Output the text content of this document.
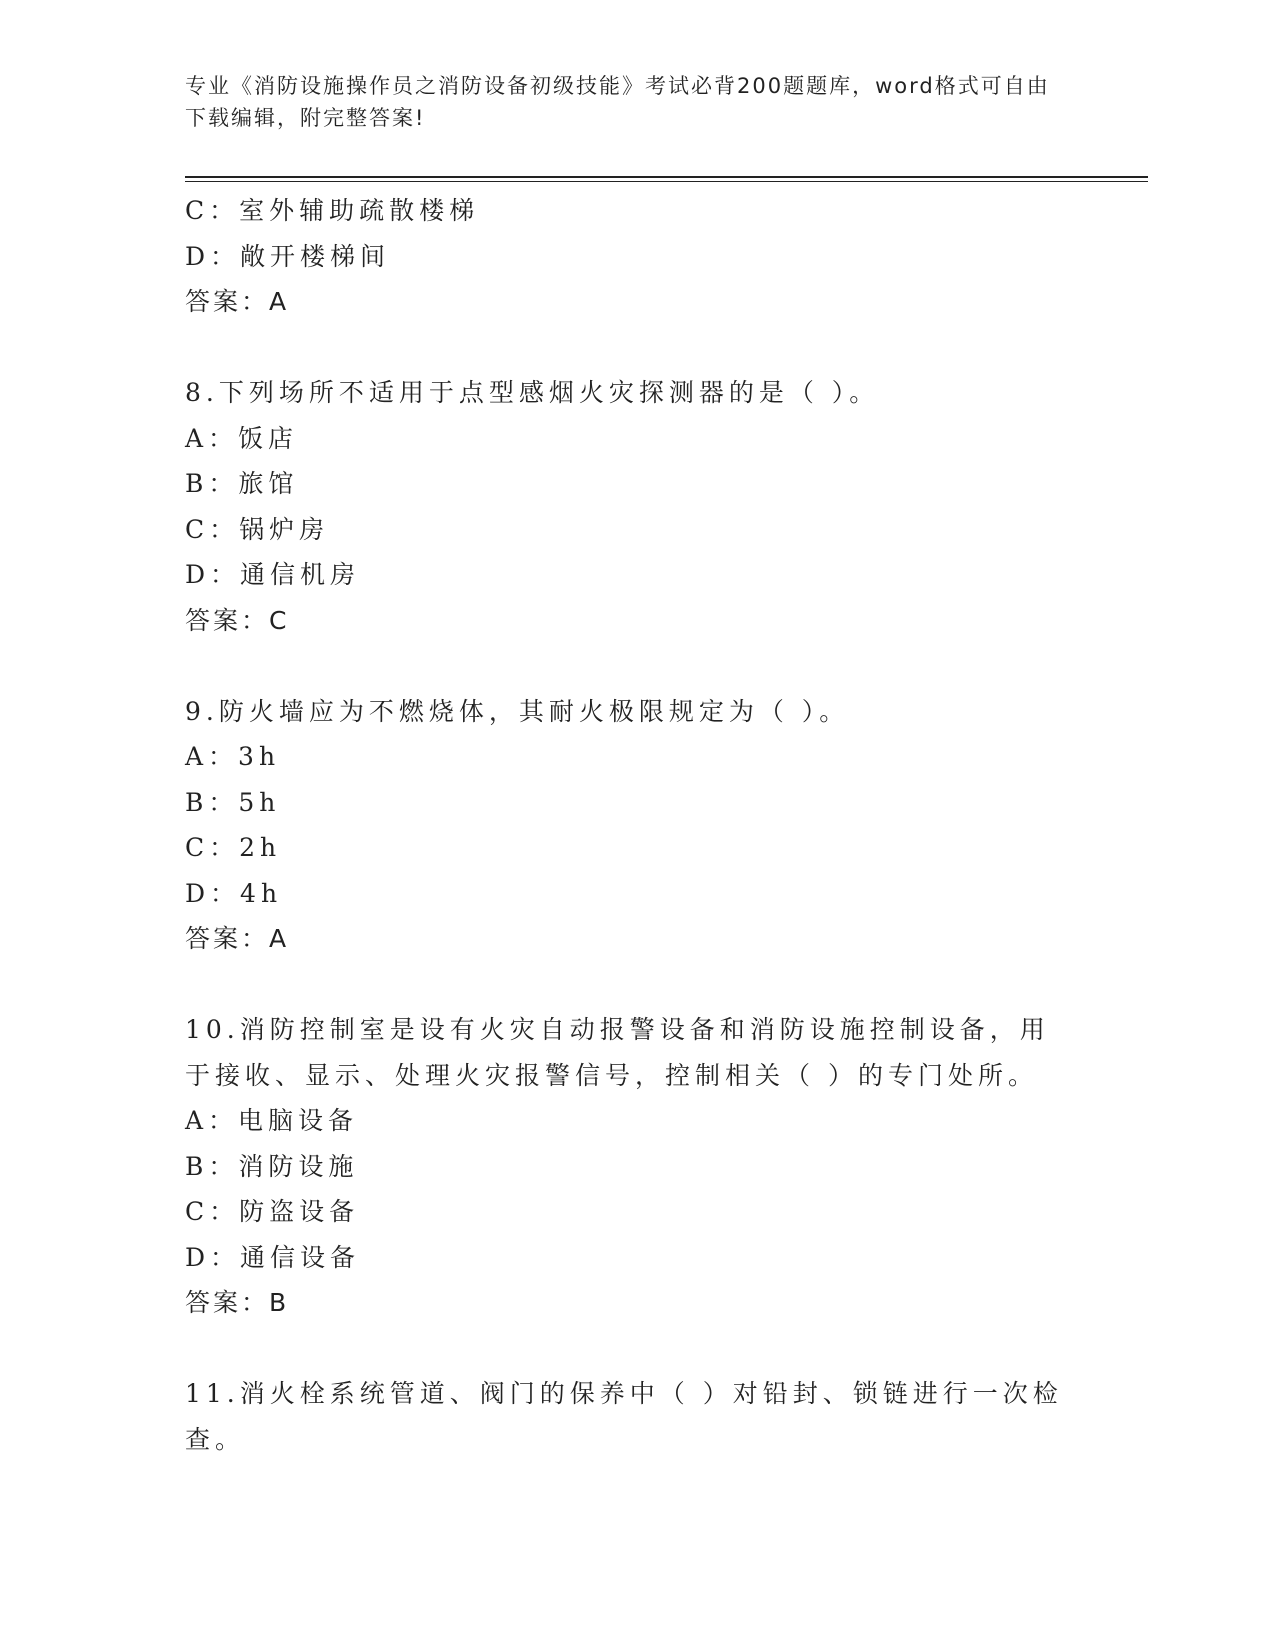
专业《消防设施操作员之消防设备初级技能》考试必背200题题库，word格式可自由下载编辑，附完整答案!
C：室外辅助疏散楼梯
D：敞开楼梯间
答案：A
8.下列场所不适用于点型感烟火灾探测器的是（ ）。
A：饭店
B：旅馆
C：锅炉房
D：通信机房
答案：C
9.防火墙应为不燃烧体，其耐火极限规定为（ ）。
A：3h
B：5h
C：2h
D：4h
答案：A
10.消防控制室是设有火灾自动报警设备和消防设施控制设备，用于接收、显示、处理火灾报警信号，控制相关（ ）的专门处所。
A：电脑设备
B：消防设施
C：防盗设备
D：通信设备
答案：B
11.消火栓系统管道、阀门的保养中（ ）对铅封、锁链进行一次检查。
